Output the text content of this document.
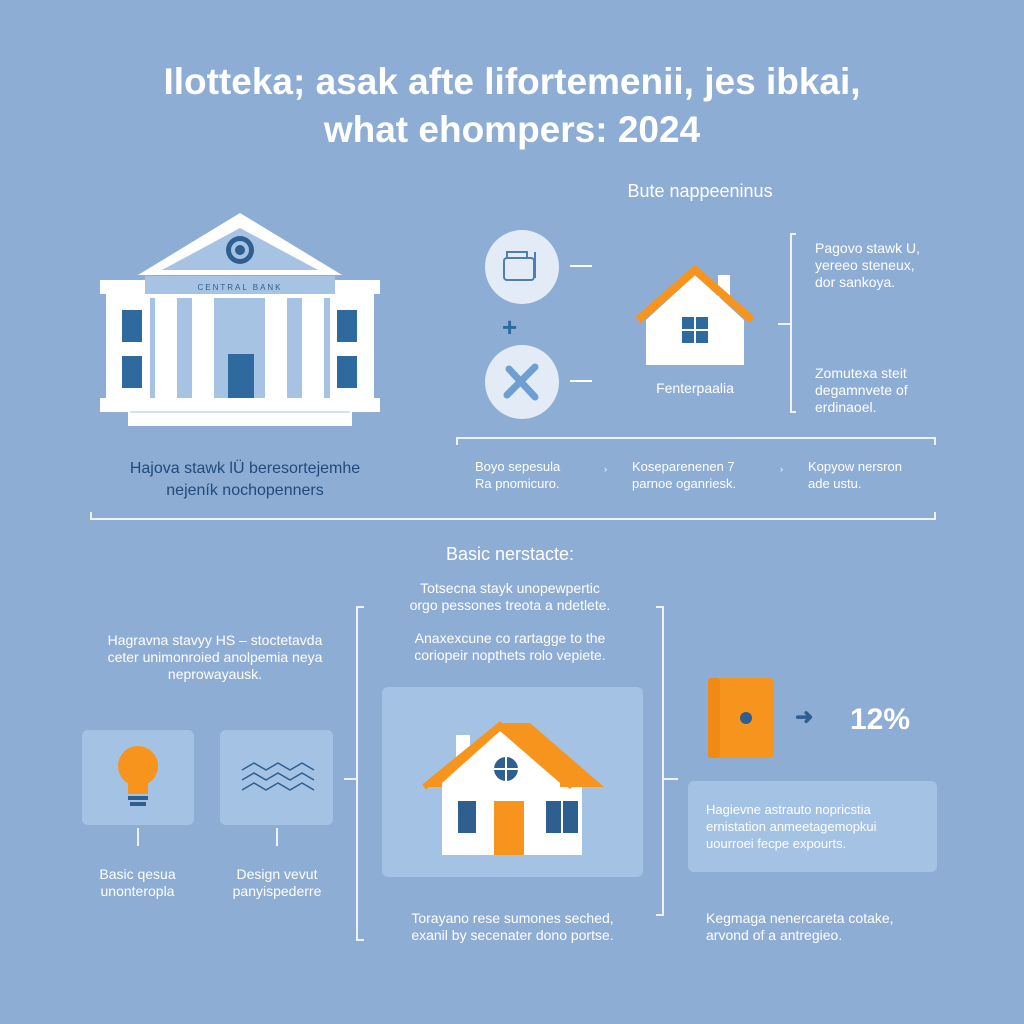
Ilotteka; asak afte lifortemenii, jes ibkai,
what ehompers: 2024
CENTRAL BANK
Hajova stawk lÜ beresortejemhe
nejeník nochopenners
Bute nappeeninus
+
Fenterpaalia
Pagovo stawk U,
yereeo steneux,
dor sankoya.
Zomutexa steit
degamnvete of
erdinaoel.
Boyo sepesula
Ra pnomicuro.
› Koseparenenen 7
parnoe oganriesk.
› Kopyow nersron
ade ustu.
Basic nerstacte:
Totsecna stayk unopewpertic
orgo pessones treota a ndetlete.
Anaxexcune co rartagge to the
coriopeir nopthets rolo vepiete.
Hagravna stavyy HS – stoctetavda
ceter unimonroied anolpemia neya
neprowayausk.
Basic qesua
unonteropla
Design vevut
panyispederre
Torayano rese sumones seched,
exanil by secenater dono portse.
➜ 12%
Hagievne astrauto nopricstia
ernistation anmeetagemopkui
uourroei fecpe expourts.
Kegmaga nenercareta cotake,
arvond of a antregieo.
